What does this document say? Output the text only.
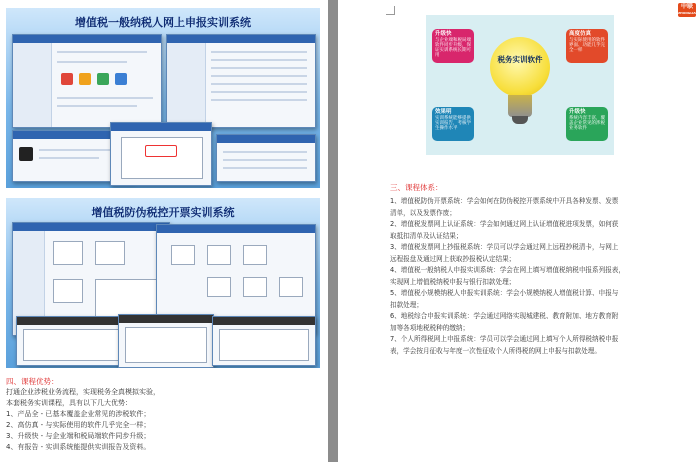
增值税一般纳税人网上申报实训系统
增值税防伪税控开票实训系统
四、课程优势：
打通企业涉税业务流程，实现税务全真模拟实验，
本套税务实训课程，具有以下几大优势：
1、产品全 - 已基本覆盖企业常见的涉税软件；
2、高仿真 - 与实际使用的软件几乎完全一样；
3、升级快 - 与企业端和税局端软件同步升级；
4、有报告 - 实训系统能提供实训报告及资料。
中联
ZHONGLIAN
升级快
与企业端和税局端软件同步升级，保证实训系统长期可用
高度仿真
与实际使用的软件界面、功能几乎完全一样
效果明
实训系统能够提供实训报告，考核学生操作水平
升级快
系统内容丰富，覆盖企业常见的涉税业务软件
税务实训软件
三、课程体系：
1、增值税防伪开票系统：学会如何在防伪税控开票系统中开具各种发票、发票
清单，以及发票作废；
2、增值税发票网上认证系统：学会如何通过网上认证增值税进项发票，如何获
取抵扣清单及认证结果；
3、增值税发票网上抄报税系统：学员可以学会通过网上远程抄税清卡，与网上
远程报盘及通过网上获取抄报税认定结果；
4、增值税一般纳税人申报实训系统：学会在网上填写增值税纳税申报系列报表，
实现网上增值税纳税申报与银行扣款处理；
5、增值税小规模纳税人申报实训系统：学会小规模纳税人增值税计算、申报与
扣款处理；
6、地税综合申报实训系统：学会通过网络实现城建税、教育附加、地方教育附
加等各项地税税种的缴纳；
7、个人所得税网上申报系统：学员可以学会通过网上填写个人所得税纳税申报
表，学会按月征收与年度一次性征收个人所得税的网上申报与扣款处理。
